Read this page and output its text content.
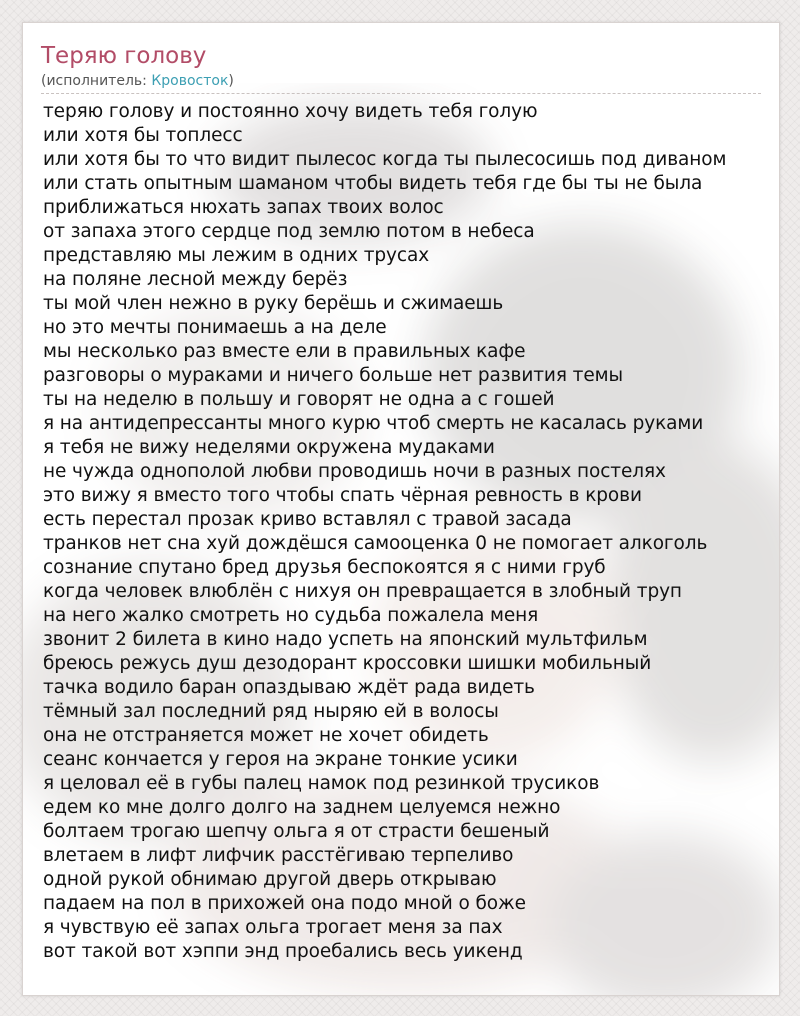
Теряю голову
(исполнитель: Кровосток)
теряю голову и постоянно хочу видеть тебя голую
или хотя бы топлесс
или хотя бы то что видит пылесос когда ты пылесосишь под диваном
или стать опытным шаманом чтобы видеть тебя где бы ты не была
приближаться нюхать запах твоих волос
от запаха этого сердце под землю потом в небеса
представляю мы лежим в одних трусах
на поляне лесной между берёз
ты мой член нежно в руку берёшь и сжимаешь
но это мечты понимаешь а на деле
мы несколько раз вместе ели в правильных кафе
разговоры о мураками и ничего больше нет развития темы
ты на неделю в польшу и говорят не одна а с гошей
я на антидепрессанты много курю чтоб смерть не касалась руками
я тебя не вижу неделями окружена мудаками
не чужда однополой любви проводишь ночи в разных постелях
это вижу я вместо того чтобы спать чёрная ревность в крови
есть перестал прозак криво вставлял с травой засада
транков нет сна хуй дождёшся самооценка 0 не помогает алкоголь
сознание спутано бред друзья беспокоятся я с ними груб
когда человек влюблён с нихуя он превращается в злобный труп
на него жалко смотреть но судьба пожалела меня
звонит 2 билета в кино надо успеть на японский мультфильм
бреюсь режусь душ дезодорант кроссовки шишки мобильный
тачка водило баран опаздываю ждёт рада видеть
тёмный зал последний ряд ныряю ей в волосы
она не отстраняется может не хочет обидеть
сеанс кончается у героя на экране тонкие усики
я целовал её в губы палец намок под резинкой трусиков
едем ко мне долго долго на заднем целуемся нежно
болтаем трогаю шепчу ольга я от страсти бешеный
влетаем в лифт лифчик расстёгиваю терпеливо
одной рукой обнимаю другой дверь открываю
падаем на пол в прихожей она подо мной о боже
я чувствую её запах ольга трогает меня за пах
вот такой вот хэппи энд проебались весь уикенд
